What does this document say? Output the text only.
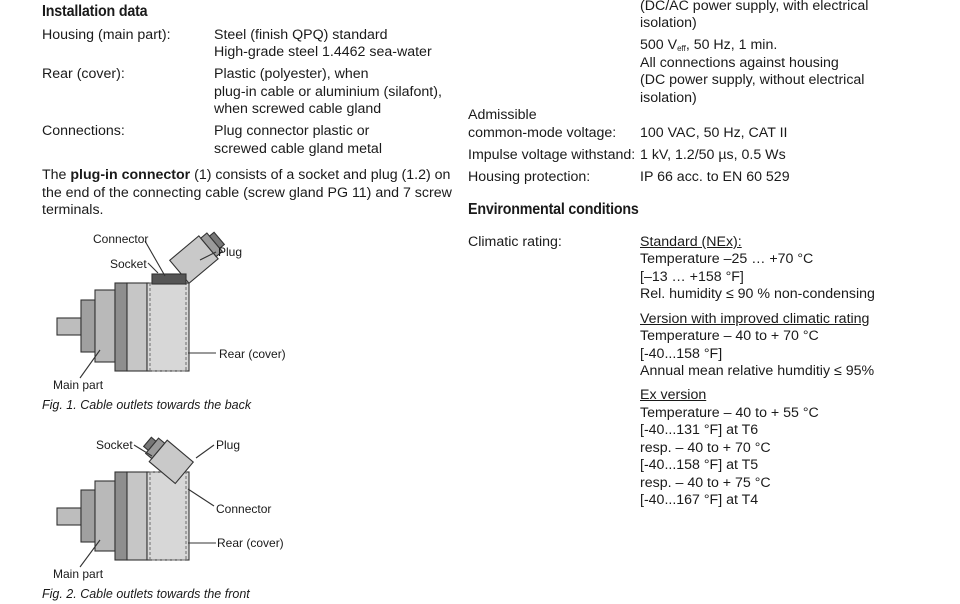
Installation data
Housing (main part):	Steel (finish QPQ) standard
High-grade steel 1.4462 sea-water
Rear (cover):	Plastic (polyester), when
plug-in cable or aluminium (silafont),
when screwed cable gland
Connections:	Plug connector plastic or
screwed cable gland metal
The plug-in connector (1) consists of a socket and plug (1.2) on
the end of the connecting cable (screw gland PG 11) and 7 screw
terminals.
Connector
Socket
Plug
Rear (cover)
Main part
Fig. 1. Cable outlets towards the back
Socket	Plug
Connector
Rear (cover)
Main part
Fig. 2. Cable outlets towards the front
(DC/AC power supply, with electrical
isolation)
500 $V_{eff}$, 50 Hz, 1 min.
All connections against housing
(DC power supply, without electrical
isolation)
Admissible
common-mode voltage: 100 VAC, 50 Hz, CAT II
Impulse voltage withstand: 1 kV, 1.2/50 µs, 0.5 Ws
Housing protection:	IP 66 acc. to EN 60 529
Environmental conditions
Climatic rating:	Standard (NEx):
Temperature –25 … +70 °C
[–13 … +158 °F]
Rel. humidity ≤ 90 % non-condensing
Version with improved climatic rating
Temperature – 40 to + 70 °C
[-40...158 °F]
Annual mean relative humditiy ≤ 95%
Ex version
Temperature – 40 to + 55 °C
[-40...131 °F] at T6
resp. – 40 to + 70 °C
[-40...158 °F] at T5
resp. – 40 to + 75 °C
[-40...167 °F] at T4
